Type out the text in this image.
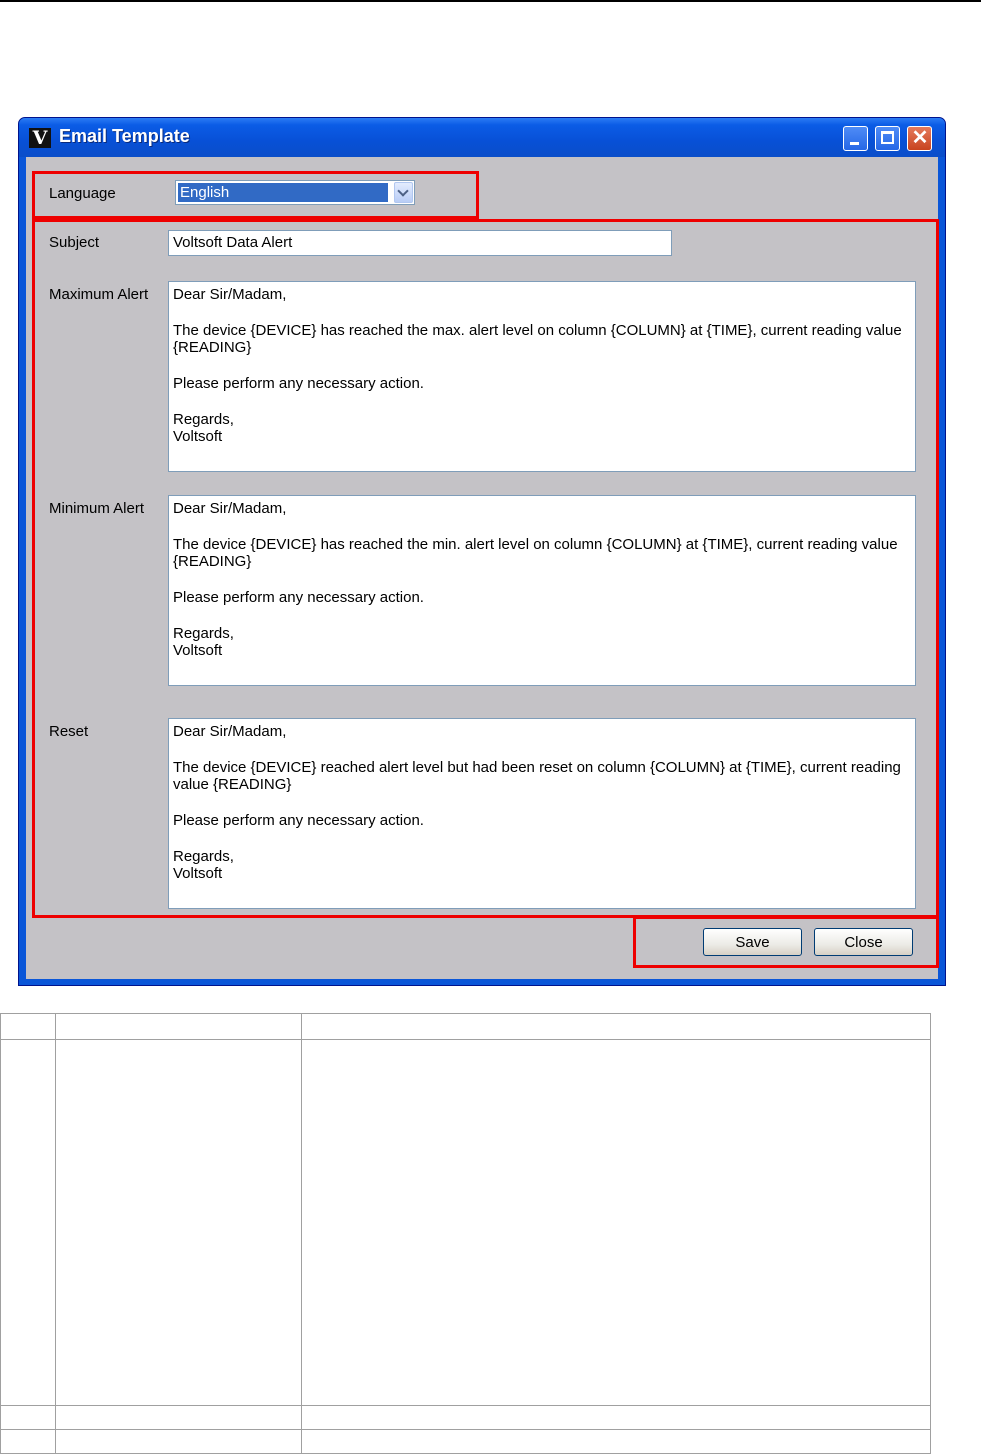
V Email Template	✕
Language	English
Subject	Voltsoft Data Alert
Maximum Alert	Dear Sir/Madam,

The device {DEVICE} has reached the max. alert level on column {COLUMN} at {TIME}, current reading value {READING}

Please perform any necessary action.

Regards,
Voltsoft
Minimum Alert	Dear Sir/Madam,

The device {DEVICE} has reached the min. alert level on column {COLUMN} at {TIME}, current reading value {READING}

Please perform any necessary action.

Regards,
Voltsoft
Reset	Dear Sir/Madam,

The device {DEVICE} reached alert level but had been reset on column {COLUMN} at {TIME}, current reading value {READING}

Please perform any necessary action.

Regards,
Voltsoft
Save	Close
